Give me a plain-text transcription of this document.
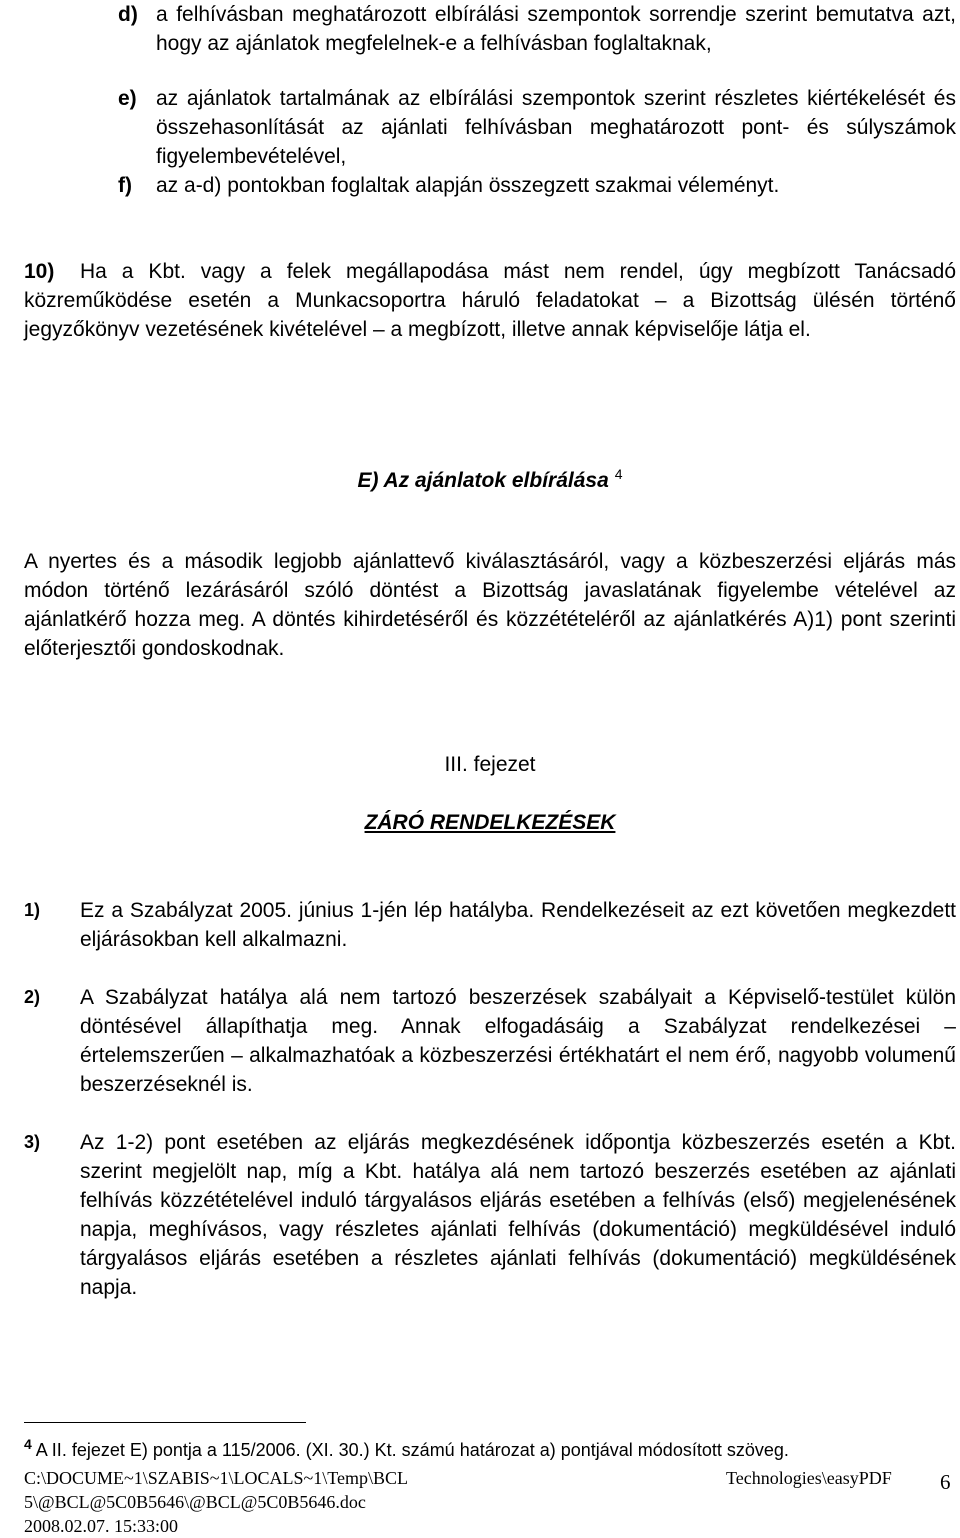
d) a felhívásban meghatározott elbírálási szempontok sorrendje szerint bemutatva azt, hogy az ajánlatok megfelelnek-e a felhívásban foglaltaknak,
e) az ajánlatok tartalmának az elbírálási szempontok szerint részletes kiértékelését és összehasonlítását az ajánlati felhívásban meghatározott pont- és súlyszámok figyelembevételével,
f) az a-d) pontokban foglaltak alapján összegzett szakmai véleményt.
10)	Ha a Kbt. vagy a felek megállapodása mást nem rendel, úgy megbízott Tanácsadó közreműködése esetén a Munkacsoportra háruló feladatokat – a Bizottság ülésén történő jegyzőkönyv vezetésének kivételével – a megbízott, illetve annak képviselője látja el.
E) Az ajánlatok elbírálása $^4$
A nyertes és a második legjobb ajánlattevő kiválasztásáról, vagy a közbeszerzési eljárás más módon történő lezárásáról szóló döntést a Bizottság javaslatának figyelembe vételével az ajánlatkérő hozza meg. A döntés kihirdetéséről és közzétételéről az ajánlatkérés A)1) pont szerinti előterjesztői gondoskodnak.
III. fejezet
ZÁRÓ RENDELKEZÉSEK
1) Ez a Szabályzat 2005. június 1-jén lép hatályba. Rendelkezéseit az ezt követően megkezdett eljárásokban kell alkalmazni.
2) A Szabályzat hatálya alá nem tartozó beszerzések szabályait a Képviselő-testület külön döntésével állapíthatja meg. Annak elfogadásáig a Szabályzat rendelkezései – értelemszerűen – alkalmazhatóak a közbeszerzési értékhatárt el nem érő, nagyobb volumenű beszerzéseknél is.
3) Az 1-2) pont esetében az eljárás megkezdésének időpontja közbeszerzés esetén a Kbt. szerint megjelölt nap, míg a Kbt. hatálya alá nem tartozó beszerzés esetében az ajánlati felhívás közzétételével induló tárgyalásos eljárás esetében a felhívás (első) megjelenésének napja, meghívásos, vagy részletes ajánlati felhívás (dokumentáció) megküldésével induló tárgyalásos eljárás esetében a részletes ajánlati felhívás (dokumentáció) megküldésének napja.
$^4$ A II. fejezet E) pontja a 115/2006. (XI. 30.) Kt. számú határozat a) pontjával módosított szöveg.
C:\DOCUME~1\SZABIS~1\LOCALS~1\Temp\BCL	Technologies\easyPDF 6
5\@BCL@5C0B5646\@BCL@5C0B5646.doc
2008.02.07. 15:33:00
